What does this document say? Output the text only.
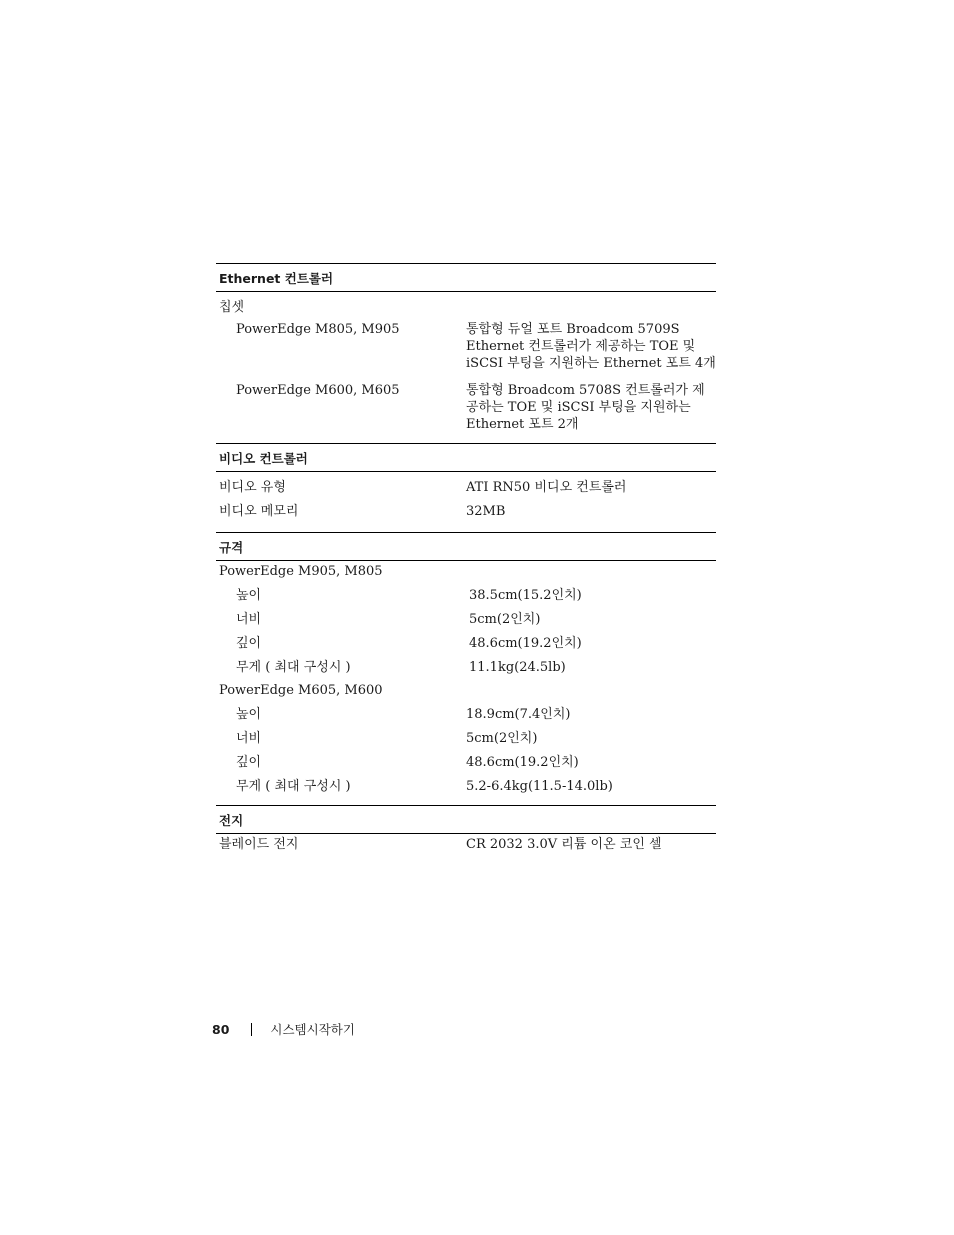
Ethernet 컨트롤러
칩셋
PowerEdge M805, M905	통합형 듀얼 포트 Broadcom 5709S Ethernet 컨트롤러가 제공하는 TOE 및 iSCSI 부팅을 지원하는 Ethernet 포트 4개
PowerEdge M600, M605	통합형 Broadcom 5708S 컨트롤러가 제공하는 TOE 및 iSCSI 부팅을 지원하는 Ethernet 포트 2개
비디오 컨트롤러
비디오 유형	ATI RN50 비디오 컨트롤러
비디오 메모리	32MB
규격
PowerEdge M905, M805
높이	38.5cm(15.2인치)
너비	5cm(2인치)
깊이	48.6cm(19.2인치)
무게 ( 최대 구성시 )	11.1kg(24.5lb)
PowerEdge M605, M600
높이	18.9cm(7.4인치)
너비	5cm(2인치)
깊이	48.6cm(19.2인치)
무게 ( 최대 구성시 )	5.2-6.4kg(11.5-14.0lb)
전지
블레이드 전지	CR 2032 3.0V 리튬 이온 코인 셀
80	시스템시작하기
